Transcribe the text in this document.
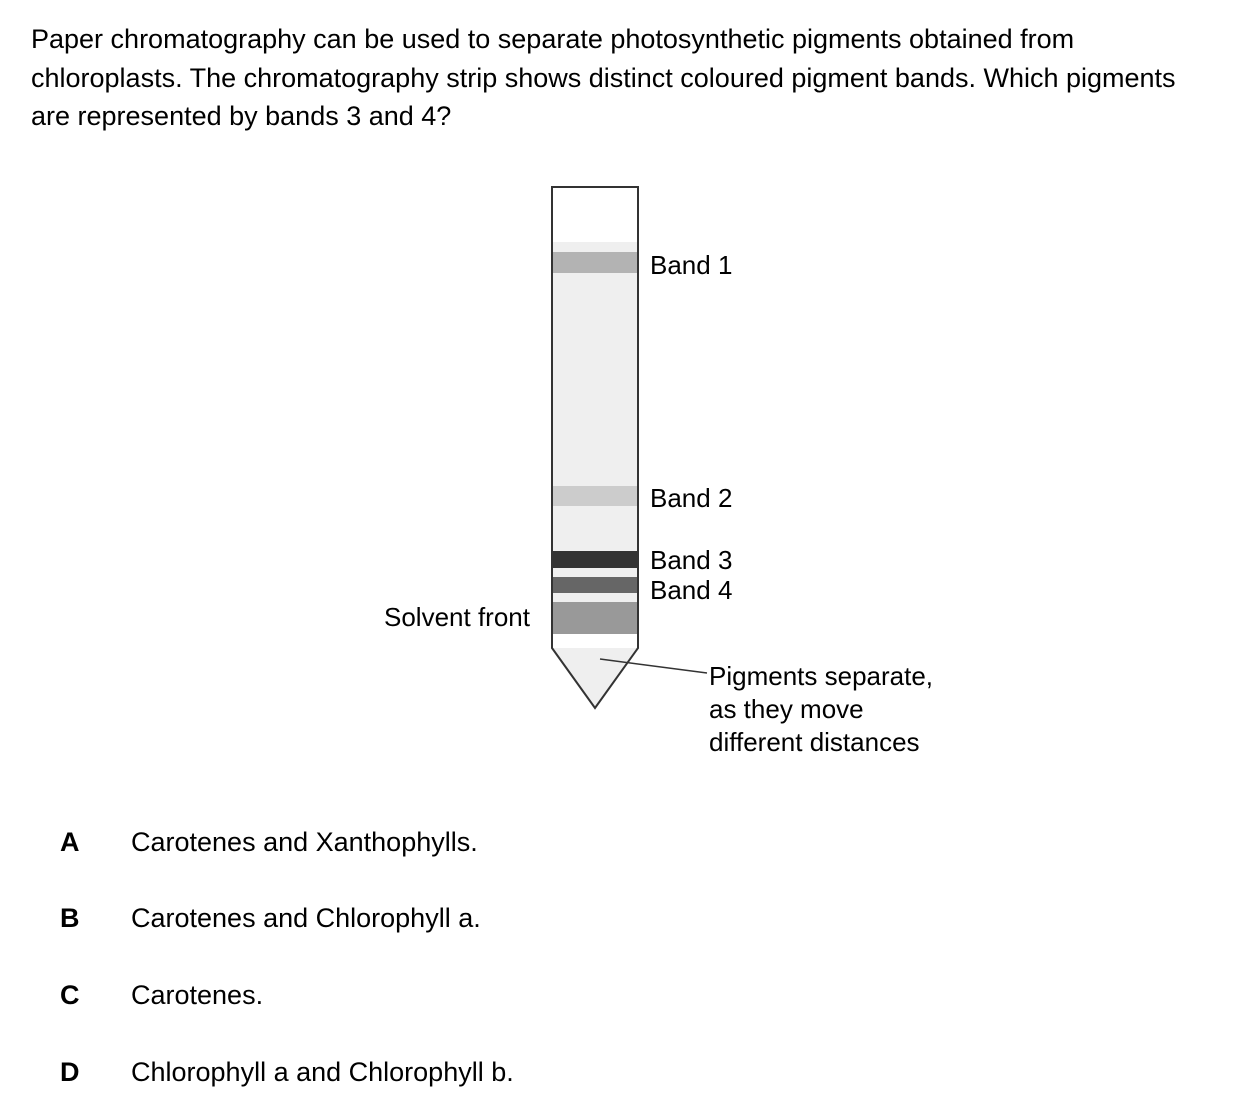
Paper chromatography can be used to separate photosynthetic pigments obtained from chloroplasts. The chromatography strip shows distinct coloured pigment bands. Which pigments are represented by bands 3 and 4?
Band 1
Band 2
Band 3
Band 4
Solvent front
Pigments separate,
as they move
different distances
A	Carotenes and Xanthophylls.
B	Carotenes and Chlorophyll a.
C	Carotenes.
D	Chlorophyll a and Chlorophyll b.
